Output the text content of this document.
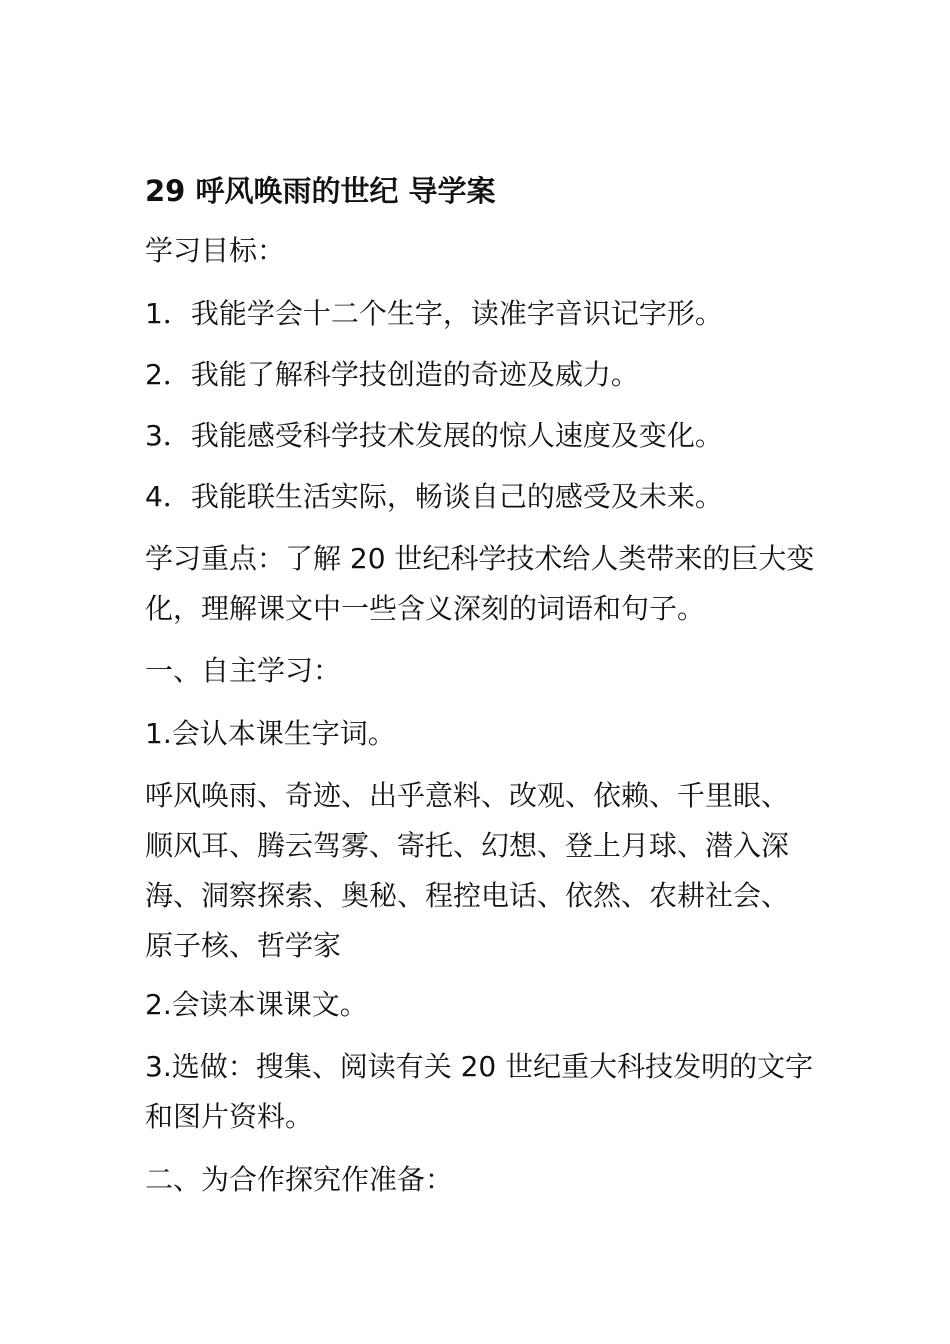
29 呼风唤雨的世纪 导学案
学习目标：
1．我能学会十二个生字，读准字音识记字形。
2．我能了解科学技创造的奇迹及威力。
3．我能感受科学技术发展的惊人速度及变化。
4．我能联生活实际，畅谈自己的感受及未来。
学习重点：了解 20 世纪科学技术给人类带来的巨大变化，理解课文中一些含义深刻的词语和句子。
一、自主学习：
1.会认本课生字词。
呼风唤雨、奇迹、出乎意料、改观、依赖、千里眼、顺风耳、腾云驾雾、寄托、幻想、登上月球、潜入深海、洞察探索、奥秘、程控电话、依然、农耕社会、原子核、哲学家
2.会读本课课文。
3.选做：搜集、阅读有关 20 世纪重大科技发明的文字和图片资料。
二、为合作探究作准备：
